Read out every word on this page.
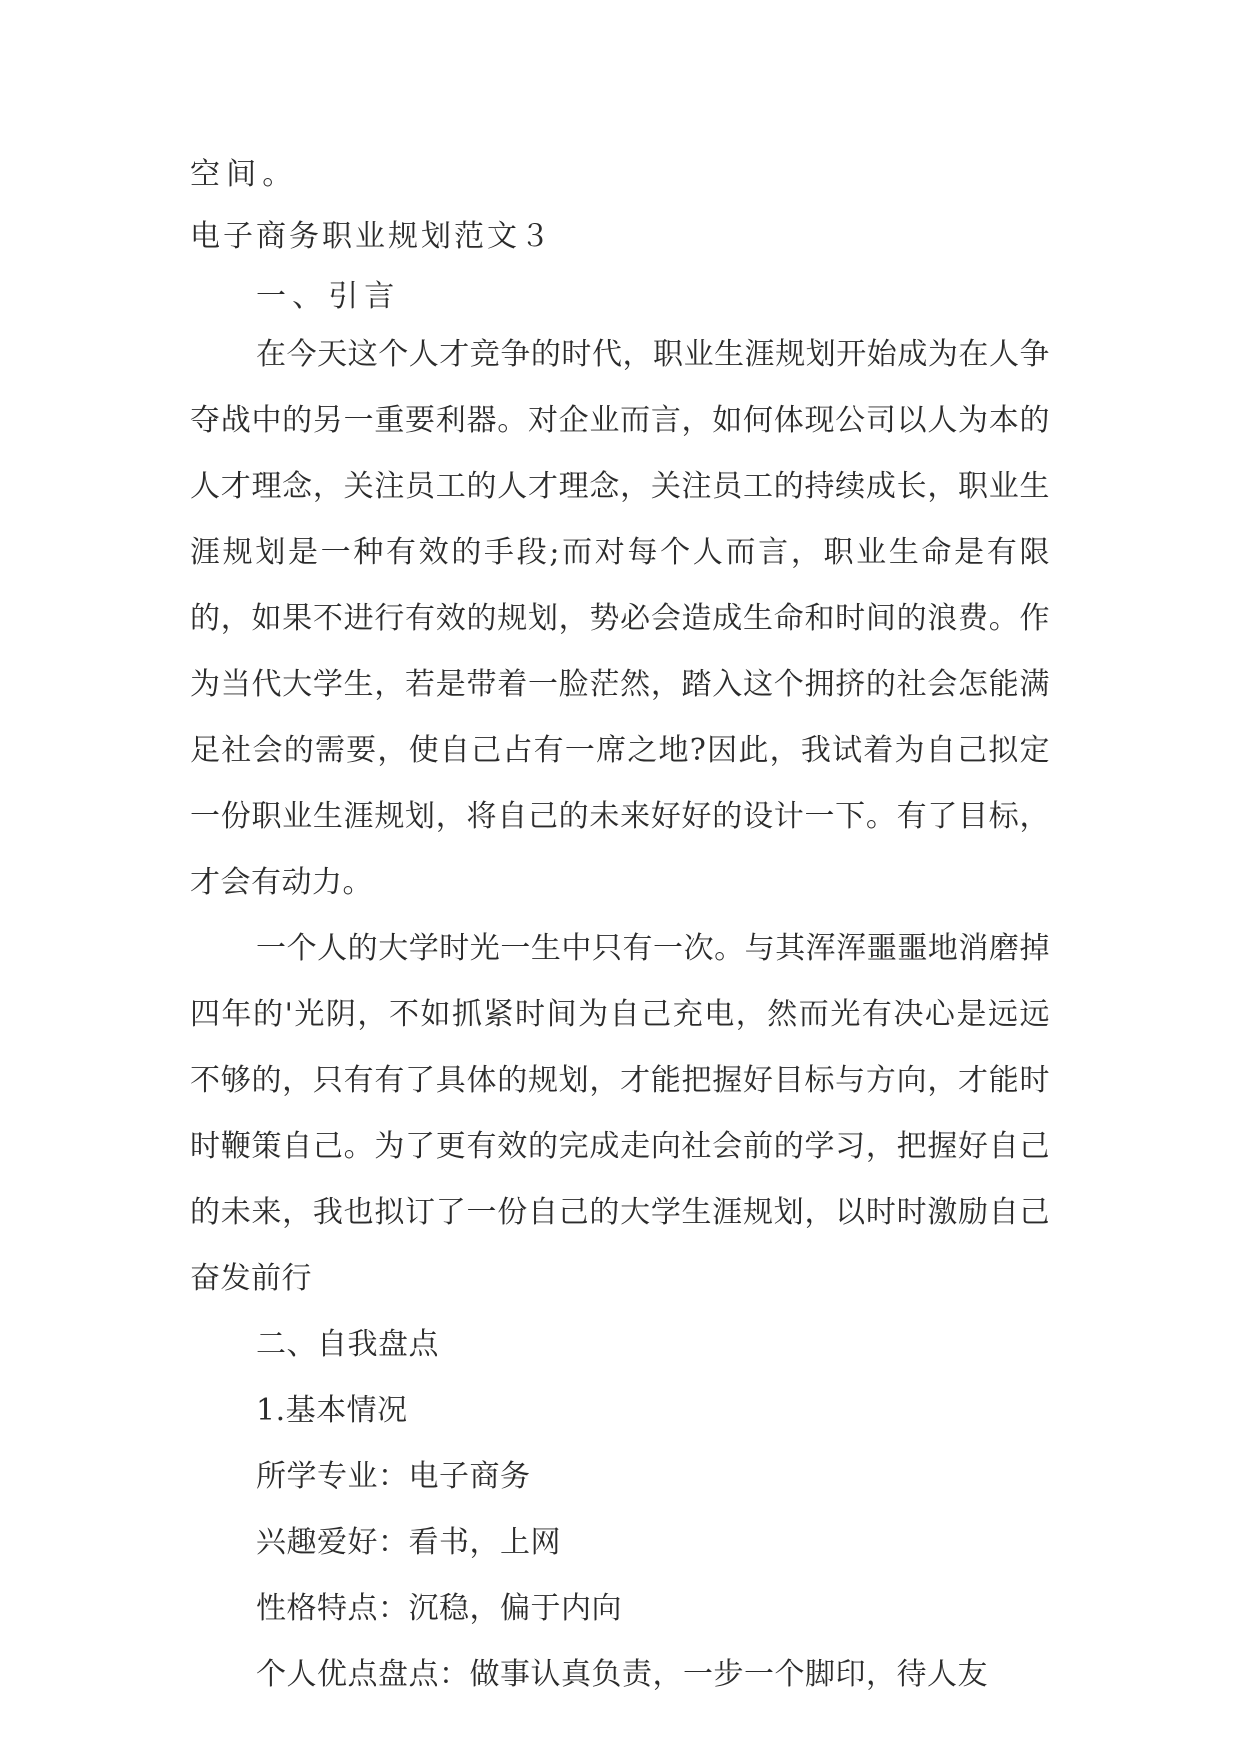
空间。
电子商务职业规划范文３
一、引言

在今天这个人才竞争的时代，职业生涯规划开始成为在人争夺战中的另一重要利器。对企业而言，如何体现公司以人为本的人才理念，关注员工的人才理念，关注员工的持续成长，职业生涯规划是一种有效的手段;而对每个人而言，职业生命是有限的，如果不进行有效的规划，势必会造成生命和时间的浪费。作为当代大学生，若是带着一脸茫然，踏入这个拥挤的社会怎能满足社会的需要，使自己占有一席之地?因此，我试着为自己拟定一份职业生涯规划，将自己的未来好好的设计一下。有了目标，才会有动力。

一个人的大学时光一生中只有一次。与其浑浑噩噩地消磨掉四年的'光阴，不如抓紧时间为自己充电，然而光有决心是远远不够的，只有有了具体的规划，才能把握好目标与方向，才能时时鞭策自己。为了更有效的完成走向社会前的学习，把握好自己的未来，我也拟订了一份自己的大学生涯规划，以时时激励自己奋发前行

二、自我盘点

1.基本情况

所学专业：电子商务

兴趣爱好：看书，上网

性格特点：沉稳，偏于内向

个人优点盘点：做事认真负责，一步一个脚印，待人友
